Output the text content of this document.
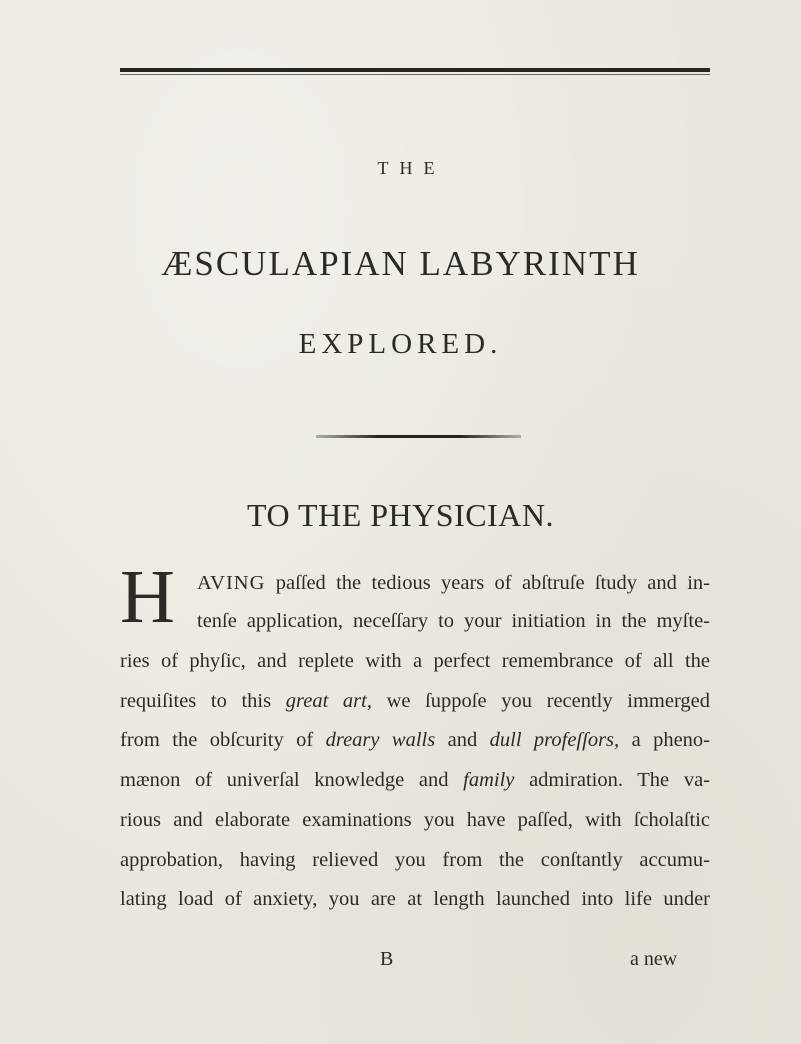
THE
ÆSCULAPIAN LABYRINTH
EXPLORED.
TO THE PHYSICIAN.
H AVING paſſed the tedious years of abſtruſe ſtudy and in-
tenſe application, neceſſary to your initiation in the myſte-
ries of phyſic, and replete with a perfect remembrance of all the
requiſites to this great art, we ſuppoſe you recently immerged
from the obſcurity of dreary walls and dull profeſſors, a pheno-
mænon of univerſal knowledge and family admiration. The va-
rious and elaborate examinations you have paſſed, with ſcholaſtic
approbation, having relieved you from the conſtantly accumu-
lating load of anxiety, you are at length launched into life under
B	a new
